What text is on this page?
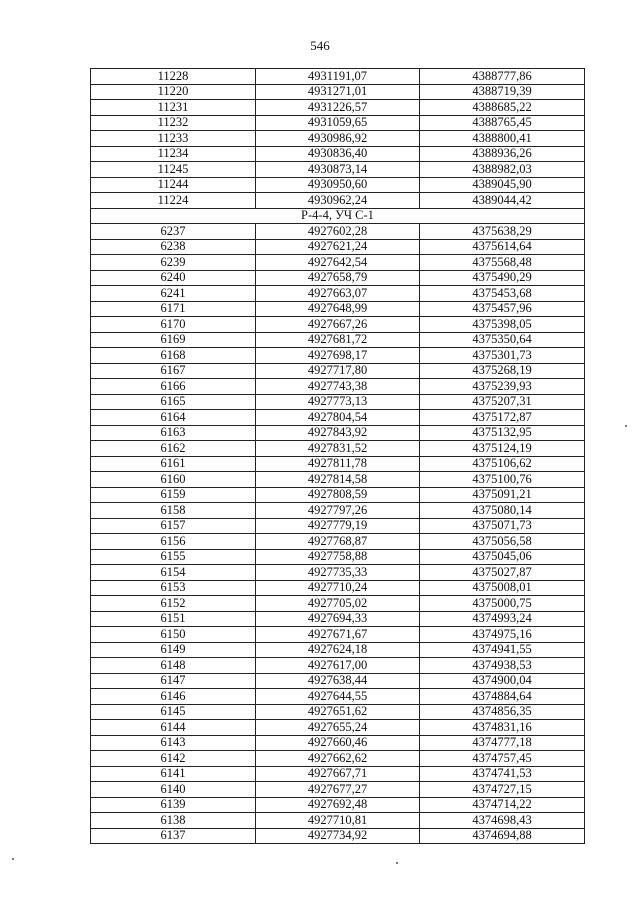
546
11228	4931191,07	4388777,86
11220	4931271,01	4388719,39
11231	4931226,57	4388685,22
11232	4931059,65	4388765,45
11233	4930986,92	4388800,41
11234	4930836,40	4388936,26
11245	4930873,14	4388982,03
11244	4930950,60	4389045,90
11224	4930962,24	4389044,42
Р-4-4, УЧ С-1		
6237	4927602,28	4375638,29
6238	4927621,24	4375614,64
6239	4927642,54	4375568,48
6240	4927658,79	4375490,29
6241	4927663,07	4375453,68
6171	4927648,99	4375457,96
6170	4927667,26	4375398,05
6169	4927681,72	4375350,64
6168	4927698,17	4375301,73
6167	4927717,80	4375268,19
6166	4927743,38	4375239,93
6165	4927773,13	4375207,31
6164	4927804,54	4375172,87
6163	4927843,92	4375132,95
6162	4927831,52	4375124,19
6161	4927811,78	4375106,62
6160	4927814,58	4375100,76
6159	4927808,59	4375091,21
6158	4927797,26	4375080,14
6157	4927779,19	4375071,73
6156	4927768,87	4375056,58
6155	4927758,88	4375045,06
6154	4927735,33	4375027,87
6153	4927710,24	4375008,01
6152	4927705,02	4375000,75
6151	4927694,33	4374993,24
6150	4927671,67	4374975,16
6149	4927624,18	4374941,55
6148	4927617,00	4374938,53
6147	4927638,44	4374900,04
6146	4927644,55	4374884,64
6145	4927651,62	4374856,35
6144	4927655,24	4374831,16
6143	4927660,46	4374777,18
6142	4927662,62	4374757,45
6141	4927667,71	4374741,53
6140	4927677,27	4374727,15
6139	4927692,48	4374714,22
6138	4927710,81	4374698,43
6137	4927734,92	4374694,88
